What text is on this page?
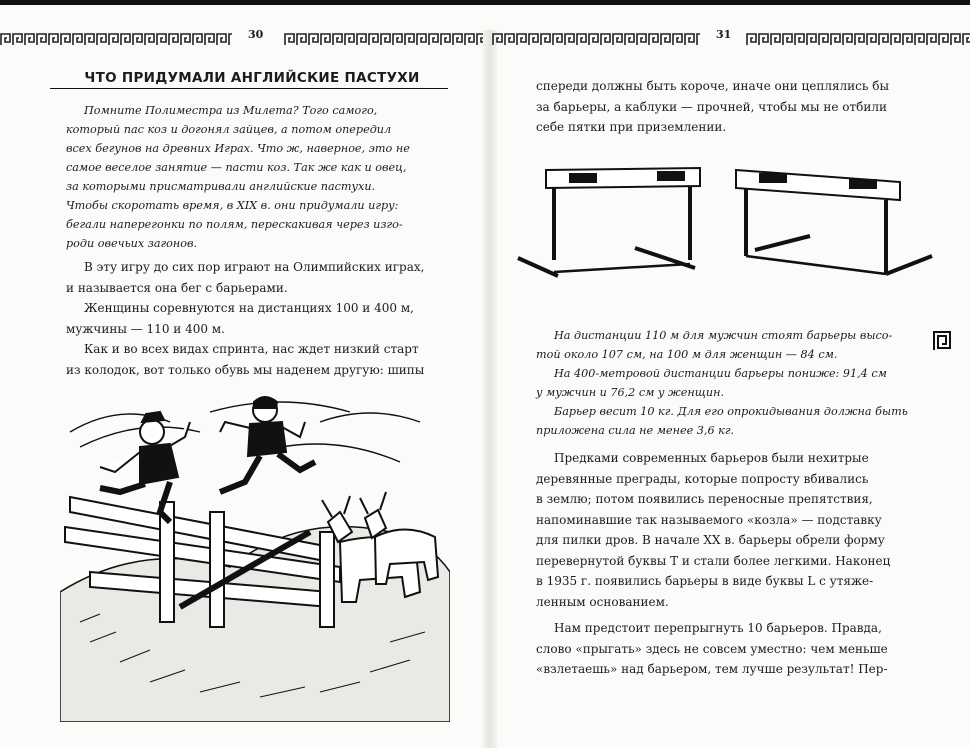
30	31
ЧТО ПРИДУМАЛИ АНГЛИЙСКИЕ ПАСТУХИ

Помните Полиместра из Милета? Того самого,

который пас коз и догонял зайцев, а потом опередил

всех бегунов на древних Играх. Что ж, наверное, это не

самое веселое занятие — пасти коз. Так же как и овец,

за которыми присматривали английские пастухи.

Чтобы скоротать время, в XIX в. они придумали игру:

бегали наперегонки по полям, перескакивая через изго-

роди овечьих загонов.

В эту игру до сих пор играют на Олимпийских играх,

и называется она бег с барьерами.

Женщины соревнуются на дистанциях 100 и 400 м,

мужчины — 110 и 400 м.

Как и во всех видах спринта, нас ждет низкий старт

из колодок, вот только обувь мы наденем другую: шипы

спереди должны быть короче, иначе они цеплялись бы

за барьеры, а каблуки — прочней, чтобы мы не отбили

себе пятки при приземлении.

На дистанции 110 м для мужчин стоят барьеры высо-

той около 107 см, на 100 м для женщин — 84 см.

На 400-метровой дистанции барьеры пониже: 91,4 см

у мужчин и 76,2 см у женщин.

Барьер весит 10 кг. Для его опрокидывания должна быть

приложена сила не менее 3,6 кг.

Предками современных барьеров были нехитрые

деревянные преграды, которые попросту вбивались

в землю; потом появились переносные препятствия,

напоминавшие так называемого «козла» — подставку

для пилки дров. В начале XX в. барьеры обрели форму

перевернутой буквы Т и стали более легкими. Наконец

в 1935 г. появились барьеры в виде буквы L с утяже-

ленным основанием.

Нам предстоит перепрыгнуть 10 барьеров. Правда,

слово «прыгать» здесь не совсем уместно: чем меньше

«взлетаешь» над барьером, тем лучше результат! Пер-
